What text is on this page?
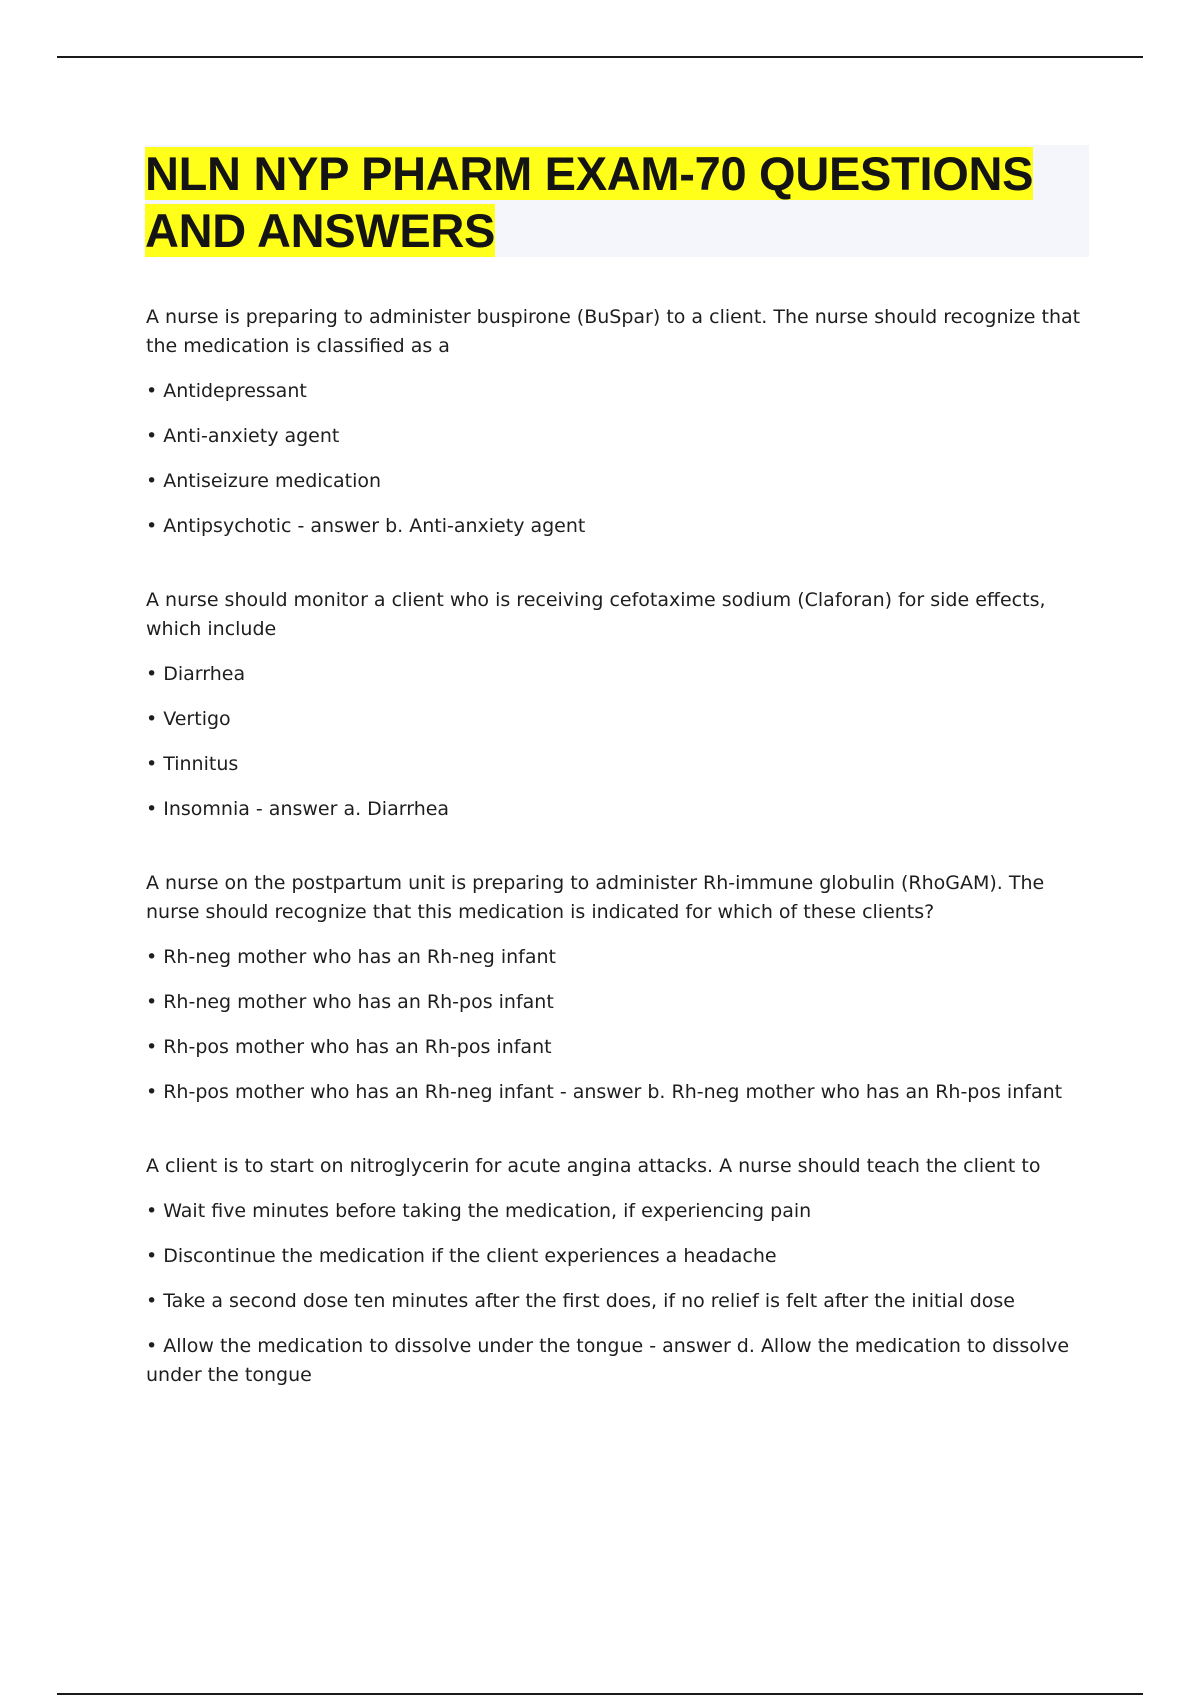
NLN NYP PHARM EXAM-70 QUESTIONS
AND ANSWERS

A nurse is preparing to administer buspirone (BuSpar) to a client. The nurse should recognize that the medication is classified as a

• Antidepressant
• Anti-anxiety agent
• Antiseizure medication
• Antipsychotic - answer b. Anti-anxiety agent

A nurse should monitor a client who is receiving cefotaxime sodium (Claforan) for side effects, which include

• Diarrhea
• Vertigo
• Tinnitus
• Insomnia - answer a. Diarrhea

A nurse on the postpartum unit is preparing to administer Rh-immune globulin (RhoGAM). The nurse should recognize that this medication is indicated for which of these clients?

• Rh-neg mother who has an Rh-neg infant
• Rh-neg mother who has an Rh-pos infant
• Rh-pos mother who has an Rh-pos infant
• Rh-pos mother who has an Rh-neg infant - answer b. Rh-neg mother who has an Rh-pos infant

A client is to start on nitroglycerin for acute angina attacks. A nurse should teach the client to

• Wait five minutes before taking the medication, if experiencing pain
• Discontinue the medication if the client experiences a headache
• Take a second dose ten minutes after the first does, if no relief is felt after the initial dose
• Allow the medication to dissolve under the tongue - answer d. Allow the medication to dissolve under the tongue
